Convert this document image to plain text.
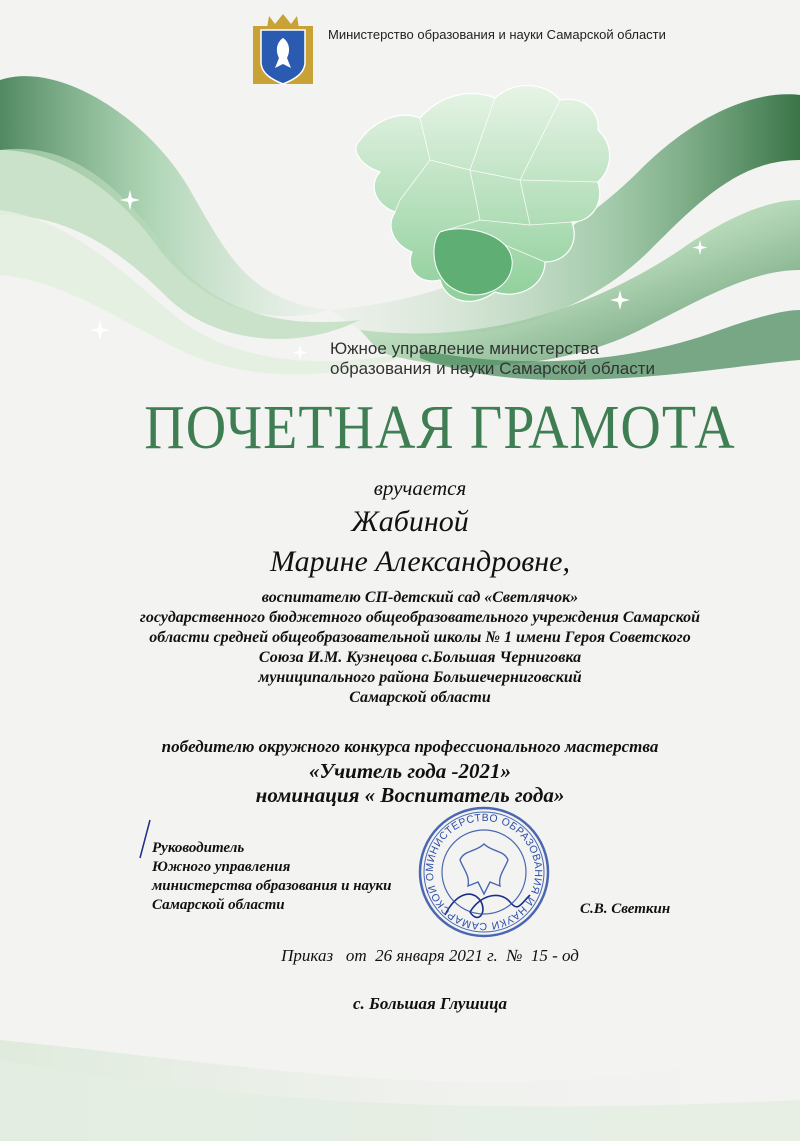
МИНИСТЕРСТВО ОБРАЗОВАНИЯ И НАУКИ САМАРСКОЙ ОБЛАСТИ * ОГРН 1036300908084 *
Министерство образования и науки Самарской области
Южное управление министерства
образования и науки Самарской области
ПОЧЕТНАЯ ГРАМОТА
вручается
Жабиной
Марине Александровне,
воспитателю СП-детский сад «Светлячок»
государственного бюджетного общеобразовательного учреждения Самарской
области средней общеобразовательной школы № 1 имени Героя Советского
Союза И.М. Кузнецова с.Большая Черниговка
муниципального района Большечерниговский
Самарской области
победителю окружного конкурса профессионального мастерства
«Учитель года -2021»
номинация « Воспитатель года»
Руководитель
Южного управления
министерства образования и науки
Самарской области	С.В. Светкин
Приказ   от  26 января 2021 г.  №  15 - од
с. Большая Глушица
